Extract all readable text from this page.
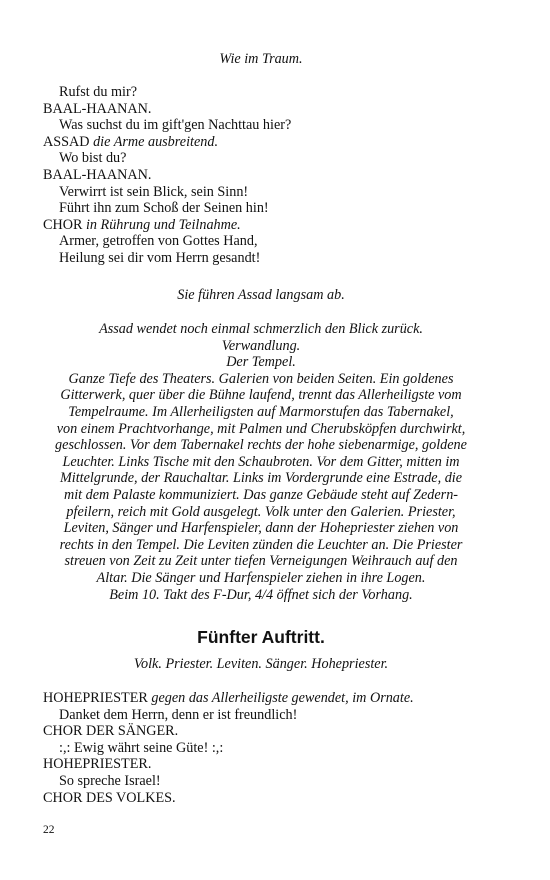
Wie im Traum.
Rufst du mir?
BAAL-HAANAN.
Was suchst du im gift'gen Nachttau hier?
ASSAD die Arme ausbreitend.
Wo bist du?
BAAL-HAANAN.
Verwirrt ist sein Blick, sein Sinn!
Führt ihn zum Schoß der Seinen hin!
CHOR in Rührung und Teilnahme.
Armer, getroffen von Gottes Hand,
Heilung sei dir vom Herrn gesandt!
Sie führen Assad langsam ab.
Assad wendet noch einmal schmerzlich den Blick zurück.
Verwandlung.
Der Tempel.
Ganze Tiefe des Theaters. Galerien von beiden Seiten. Ein goldenes
Gitterwerk, quer über die Bühne laufend, trennt das Allerheiligste vom
Tempelraume. Im Allerheiligsten auf Marmorstufen das Tabernakel,
von einem Prachtvorhange, mit Palmen und Cherubsköpfen durchwirkt,
geschlossen. Vor dem Tabernakel rechts der hohe siebenarmige, goldene
Leuchter. Links Tische mit den Schaubroten. Vor dem Gitter, mitten im
Mittelgrunde, der Rauchaltar. Links im Vordergrunde eine Estrade, die
mit dem Palaste kommuniziert. Das ganze Gebäude steht auf Zedern-
pfeilern, reich mit Gold ausgelegt. Volk unter den Galerien. Priester,
Leviten, Sänger und Harfenspieler, dann der Hohepriester ziehen von
rechts in den Tempel. Die Leviten zünden die Leuchter an. Die Priester
streuen von Zeit zu Zeit unter tiefen Verneigungen Weihrauch auf den
Altar. Die Sänger und Harfenspieler ziehen in ihre Logen.
Beim 10. Takt des F-Dur, 4/4 öffnet sich der Vorhang.
Fünfter Auftritt.
Volk. Priester. Leviten. Sänger. Hohepriester.
HOHEPRIESTER gegen das Allerheiligste gewendet, im Ornate.
Danket dem Herrn, denn er ist freundlich!
CHOR DER SÄNGER.
:,: Ewig währt seine Güte! :,:
HOHEPRIESTER.
So spreche Israel!
CHOR DES VOLKES.
22
